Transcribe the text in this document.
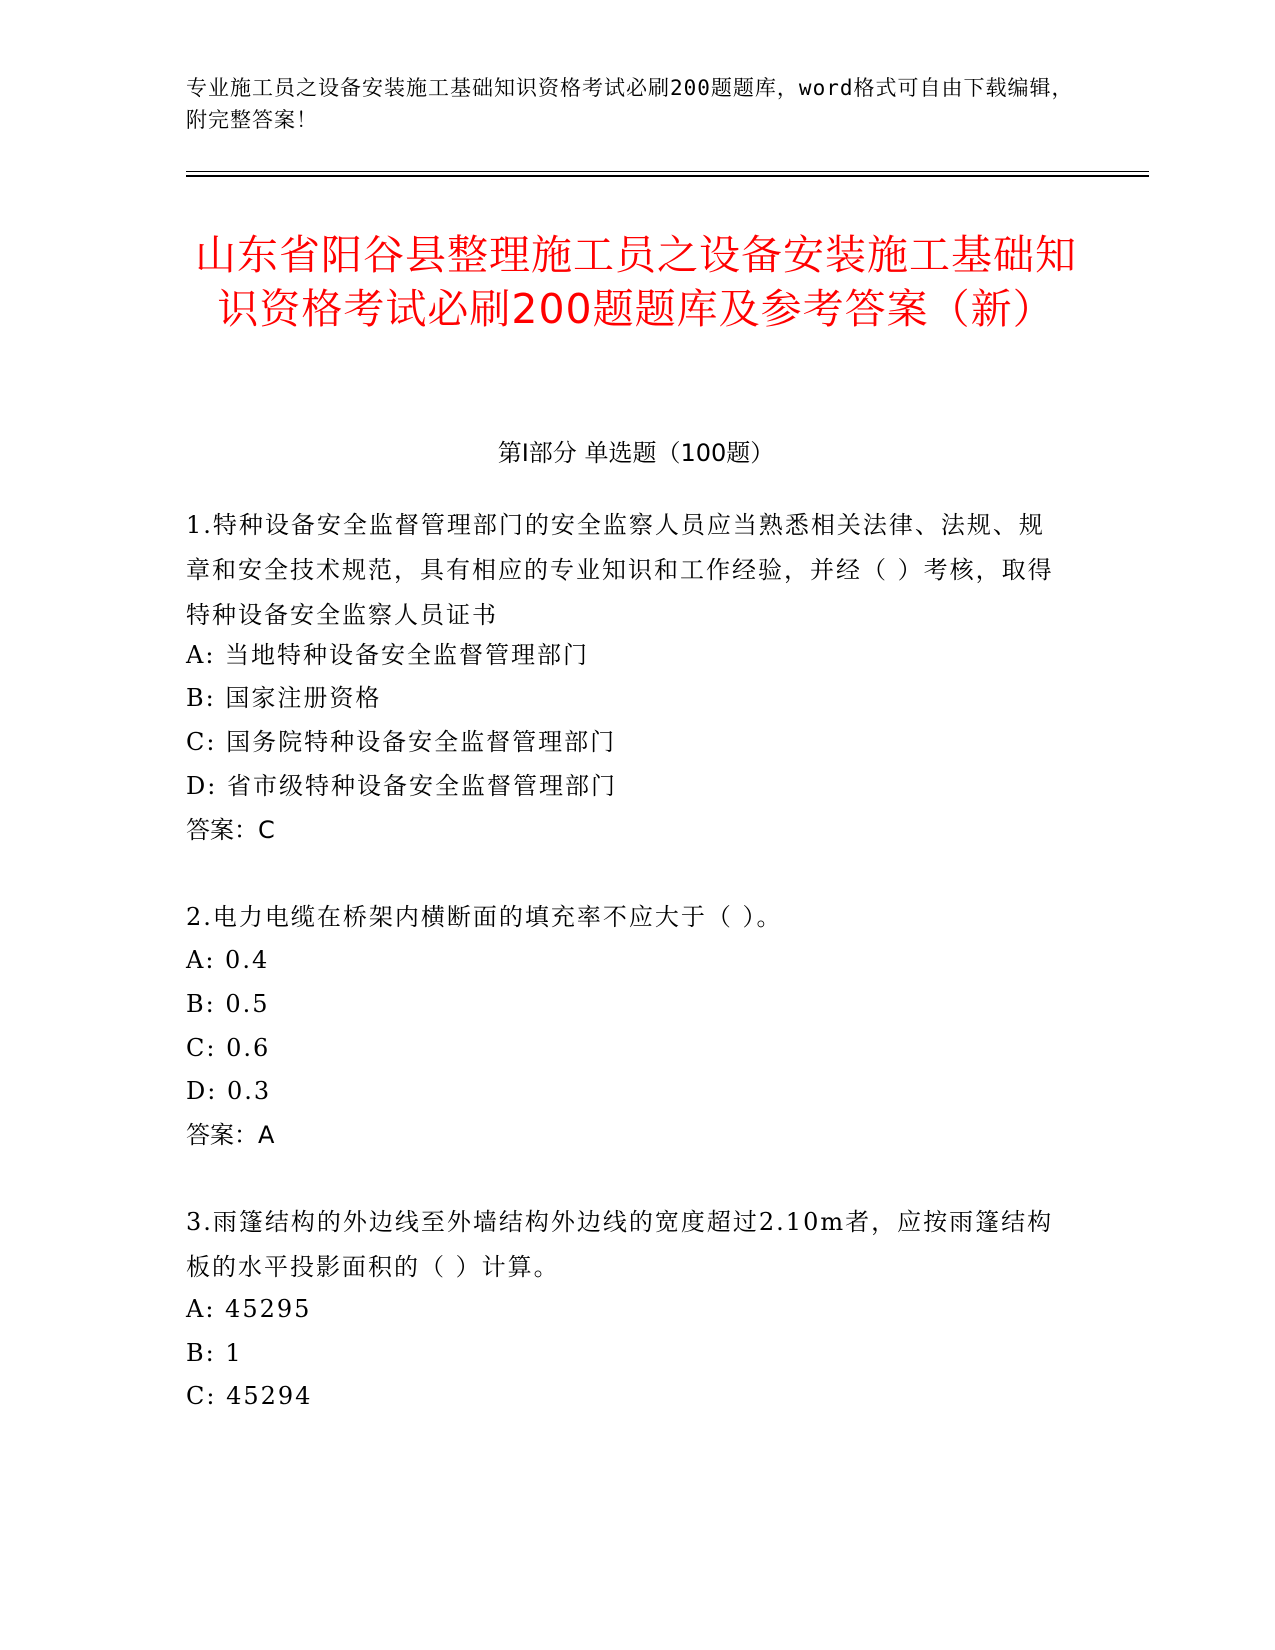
专业施工员之设备安装施工基础知识资格考试必刷200题题库，word格式可自由下载编辑，附完整答案！
山东省阳谷县整理施工员之设备安装施工基础知识资格考试必刷200题题库及参考答案（新）
第Ⅰ部分 单选题（100题）
1.特种设备安全监督管理部门的安全监察人员应当熟悉相关法律、法规、规章和安全技术规范，具有相应的专业知识和工作经验，并经（ ）考核，取得特种设备安全监察人员证书
A: 当地特种设备安全监督管理部门
B: 国家注册资格
C: 国务院特种设备安全监督管理部门
D: 省市级特种设备安全监督管理部门
答案：C
2.电力电缆在桥架内横断面的填充率不应大于（ ）。
A: 0.4
B: 0.5
C: 0.6
D: 0.3
答案：A
3.雨篷结构的外边线至外墙结构外边线的宽度超过2.10m者，应按雨篷结构板的水平投影面积的（ ）计算。
A: 45295
B: 1
C: 45294
